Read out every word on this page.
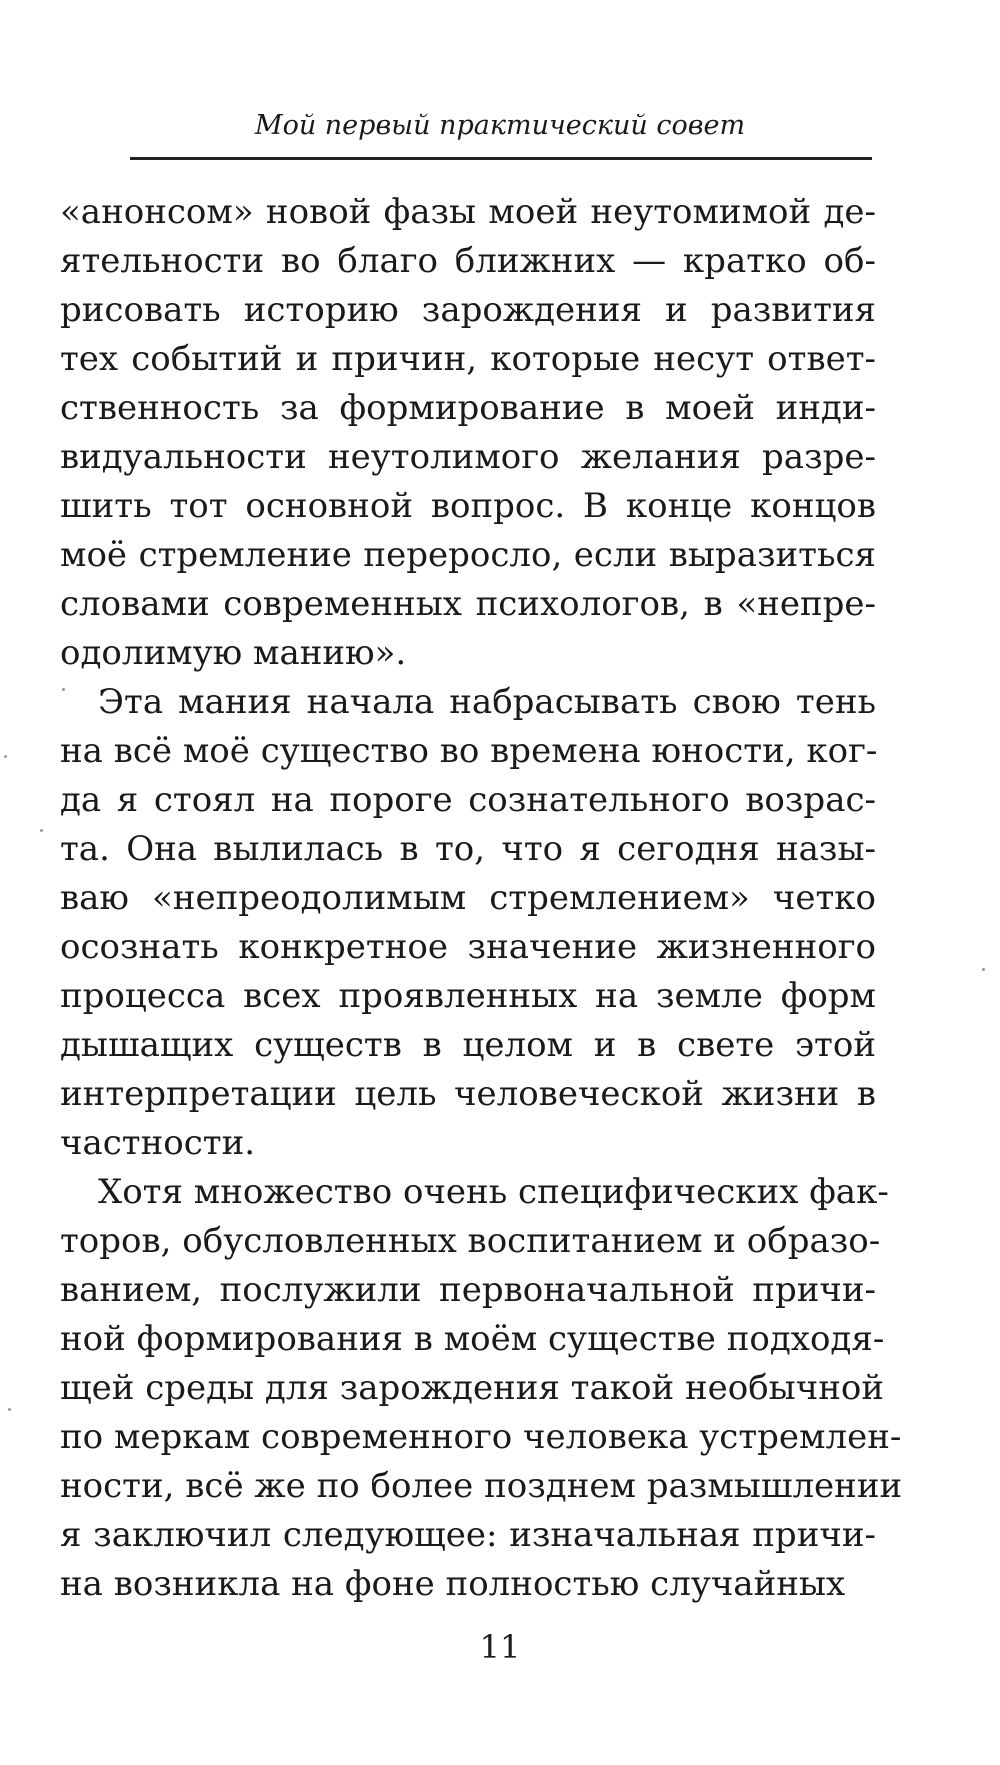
Мой первый практический совет
«анонсом» новой фазы моей неутомимой де-
ятельности во благо ближних — кратко об-
рисовать историю зарождения и развития
тех событий и причин, которые несут ответ-
ственность за формирование в моей инди-
видуальности неутолимого желания разре-
шить тот основной вопрос. В конце концов
моё стремление переросло, если выразиться
словами современных психологов, в «непре-
одолимую манию».
Эта мания начала набрасывать свою тень
на всё моё существо во времена юности, ког-
да я стоял на пороге сознательного возрас-
та. Она вылилась в то, что я сегодня назы-
ваю «непреодолимым стремлением» четко
осознать конкретное значение жизненного
процесса всех проявленных на земле форм
дышащих существ в целом и в свете этой
интерпретации цель человеческой жизни в
частности.
Хотя множество очень специфических фак-
торов, обусловленных воспитанием и образо-
ванием, послужили первоначальной причи-
ной формирования в моём существе подходя-
щей среды для зарождения такой необычной
по меркам современного человека устремлен-
ности, всё же по более позднем размышлении
я заключил следующее: изначальная причи-
на возникла на фоне полностью случайных
11
